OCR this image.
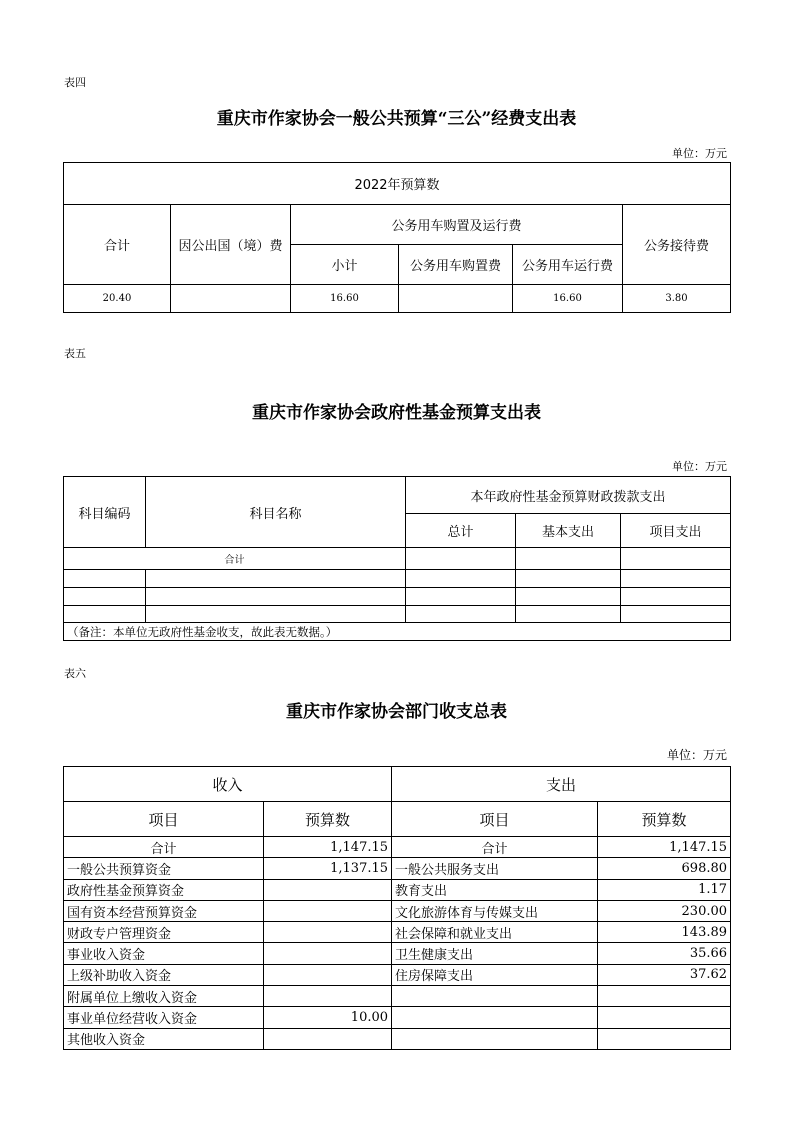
表四
重庆市作家协会一般公共预算“三公”经费支出表
单位：万元
2022年预算数					
合计	因公出国（境）费	公务用车购置及运行费			公务接待费
		小计	公务用车购置费	公务用车运行费	
20.40		16.60		16.60	3.80
表五
重庆市作家协会政府性基金预算支出表
单位：万元
科目编码	科目名称	本年政府性基金预算财政拨款支出		
		总计	基本支出	项目支出
合计				

（备注：本单位无政府性基金收支，故此表无数据。）				
表六
重庆市作家协会部门收支总表
单位：万元
收入		支出	
项目	预算数	项目	预算数
合计	1,147.15	合计	1,147.15
一般公共预算资金	1,137.15	一般公共服务支出	698.80
政府性基金预算资金		教育支出	1.17
国有资本经营预算资金		文化旅游体育与传媒支出	230.00
财政专户管理资金		社会保障和就业支出	143.89
事业收入资金		卫生健康支出	35.66
上级补助收入资金		住房保障支出	37.62
附属单位上缴收入资金			
事业单位经营收入资金	10.00		
其他收入资金			
